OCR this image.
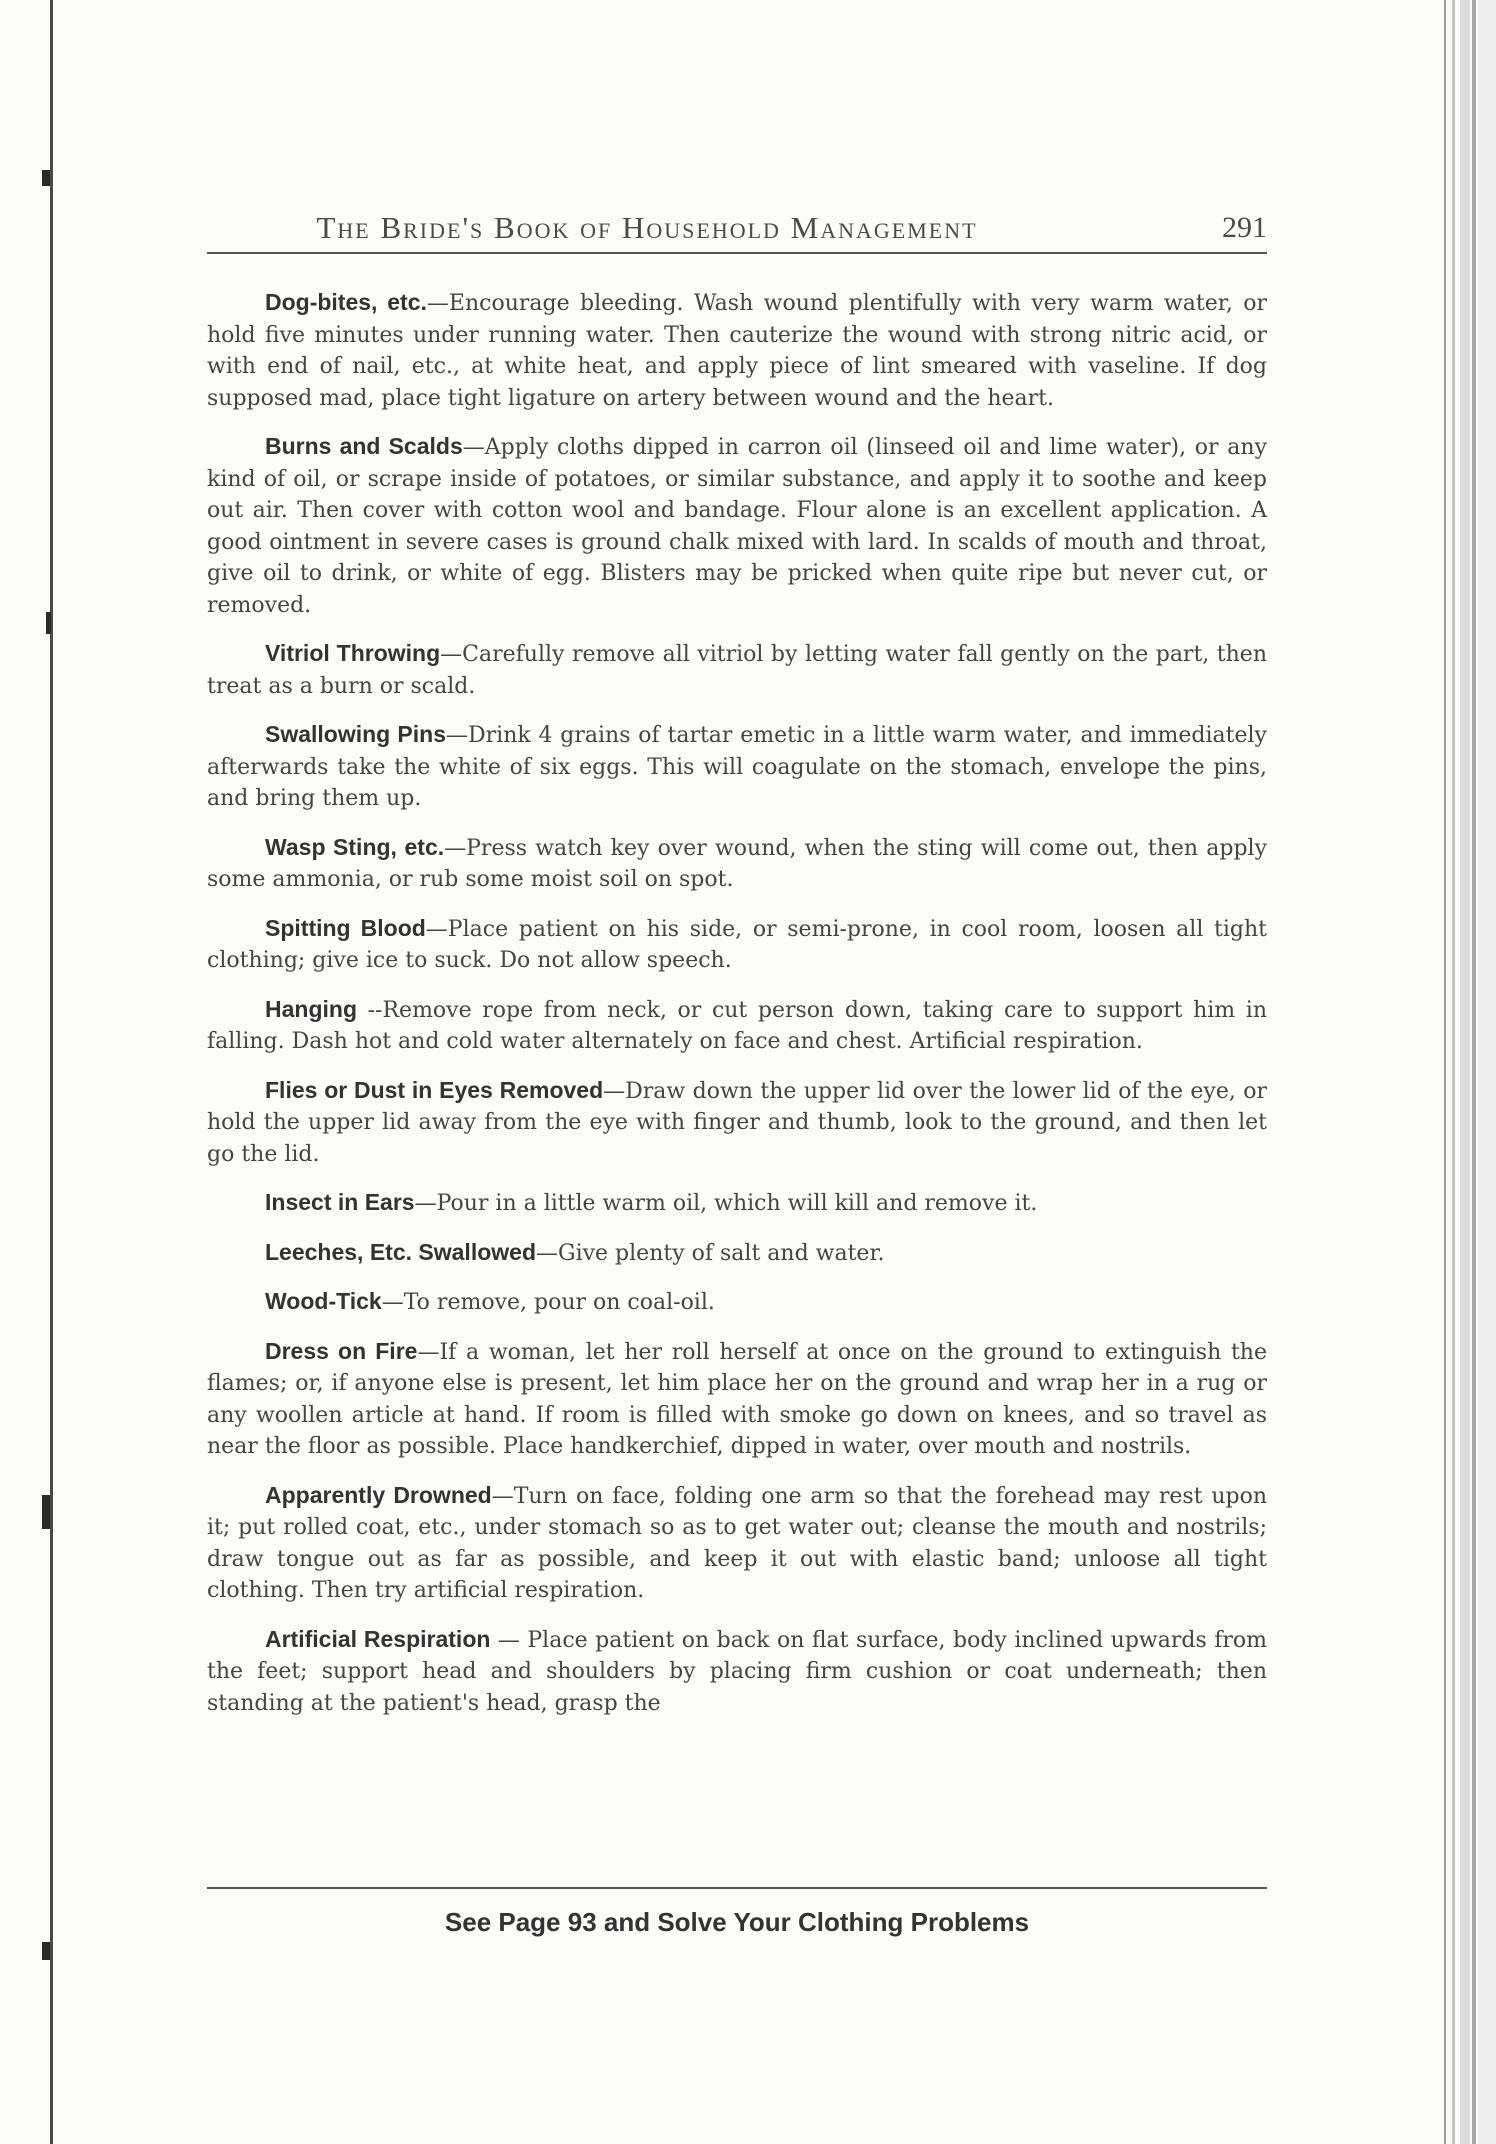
The Bride's Book of Household Management	291

Dog-bites, etc.—Encourage bleeding. Wash wound plentifully with very warm water, or hold five minutes under running water. Then cauterize the wound with strong nitric acid, or with end of nail, etc., at white heat, and apply piece of lint smeared with vaseline. If dog supposed mad, place tight ligature on artery between wound and the heart.

Burns and Scalds—Apply cloths dipped in carron oil (linseed oil and lime water), or any kind of oil, or scrape inside of potatoes, or similar substance, and apply it to soothe and keep out air. Then cover with cotton wool and bandage. Flour alone is an excellent application. A good ointment in severe cases is ground chalk mixed with lard. In scalds of mouth and throat, give oil to drink, or white of egg. Blisters may be pricked when quite ripe but never cut, or removed.

Vitriol Throwing—Carefully remove all vitriol by letting water fall gently on the part, then treat as a burn or scald.

Swallowing Pins—Drink 4 grains of tartar emetic in a little warm water, and immediately afterwards take the white of six eggs. This will coagulate on the stomach, envelope the pins, and bring them up.

Wasp Sting, etc.—Press watch key over wound, when the sting will come out, then apply some ammonia, or rub some moist soil on spot.

Spitting Blood—Place patient on his side, or semi-prone, in cool room, loosen all tight clothing; give ice to suck. Do not allow speech.

Hanging --Remove rope from neck, or cut person down, taking care to support him in falling. Dash hot and cold water alternately on face and chest. Artificial respiration.

Flies or Dust in Eyes Removed—Draw down the upper lid over the lower lid of the eye, or hold the upper lid away from the eye with finger and thumb, look to the ground, and then let go the lid.

Insect in Ears—Pour in a little warm oil, which will kill and remove it.

Leeches, Etc. Swallowed—Give plenty of salt and water.

Wood-Tick—To remove, pour on coal-oil.

Dress on Fire—If a woman, let her roll herself at once on the ground to extinguish the flames; or, if anyone else is present, let him place her on the ground and wrap her in a rug or any woollen article at hand. If room is filled with smoke go down on knees, and so travel as near the floor as possible. Place handkerchief, dipped in water, over mouth and nostrils.

Apparently Drowned—Turn on face, folding one arm so that the forehead may rest upon it; put rolled coat, etc., under stomach so as to get water out; cleanse the mouth and nostrils; draw tongue out as far as possible, and keep it out with elastic band; unloose all tight clothing. Then try artificial respiration.

Artificial Respiration — Place patient on back on flat surface, body inclined upwards from the feet; support head and shoulders by placing firm cushion or coat underneath; then standing at the patient's head, grasp the

See Page 93 and Solve Your Clothing Problems
